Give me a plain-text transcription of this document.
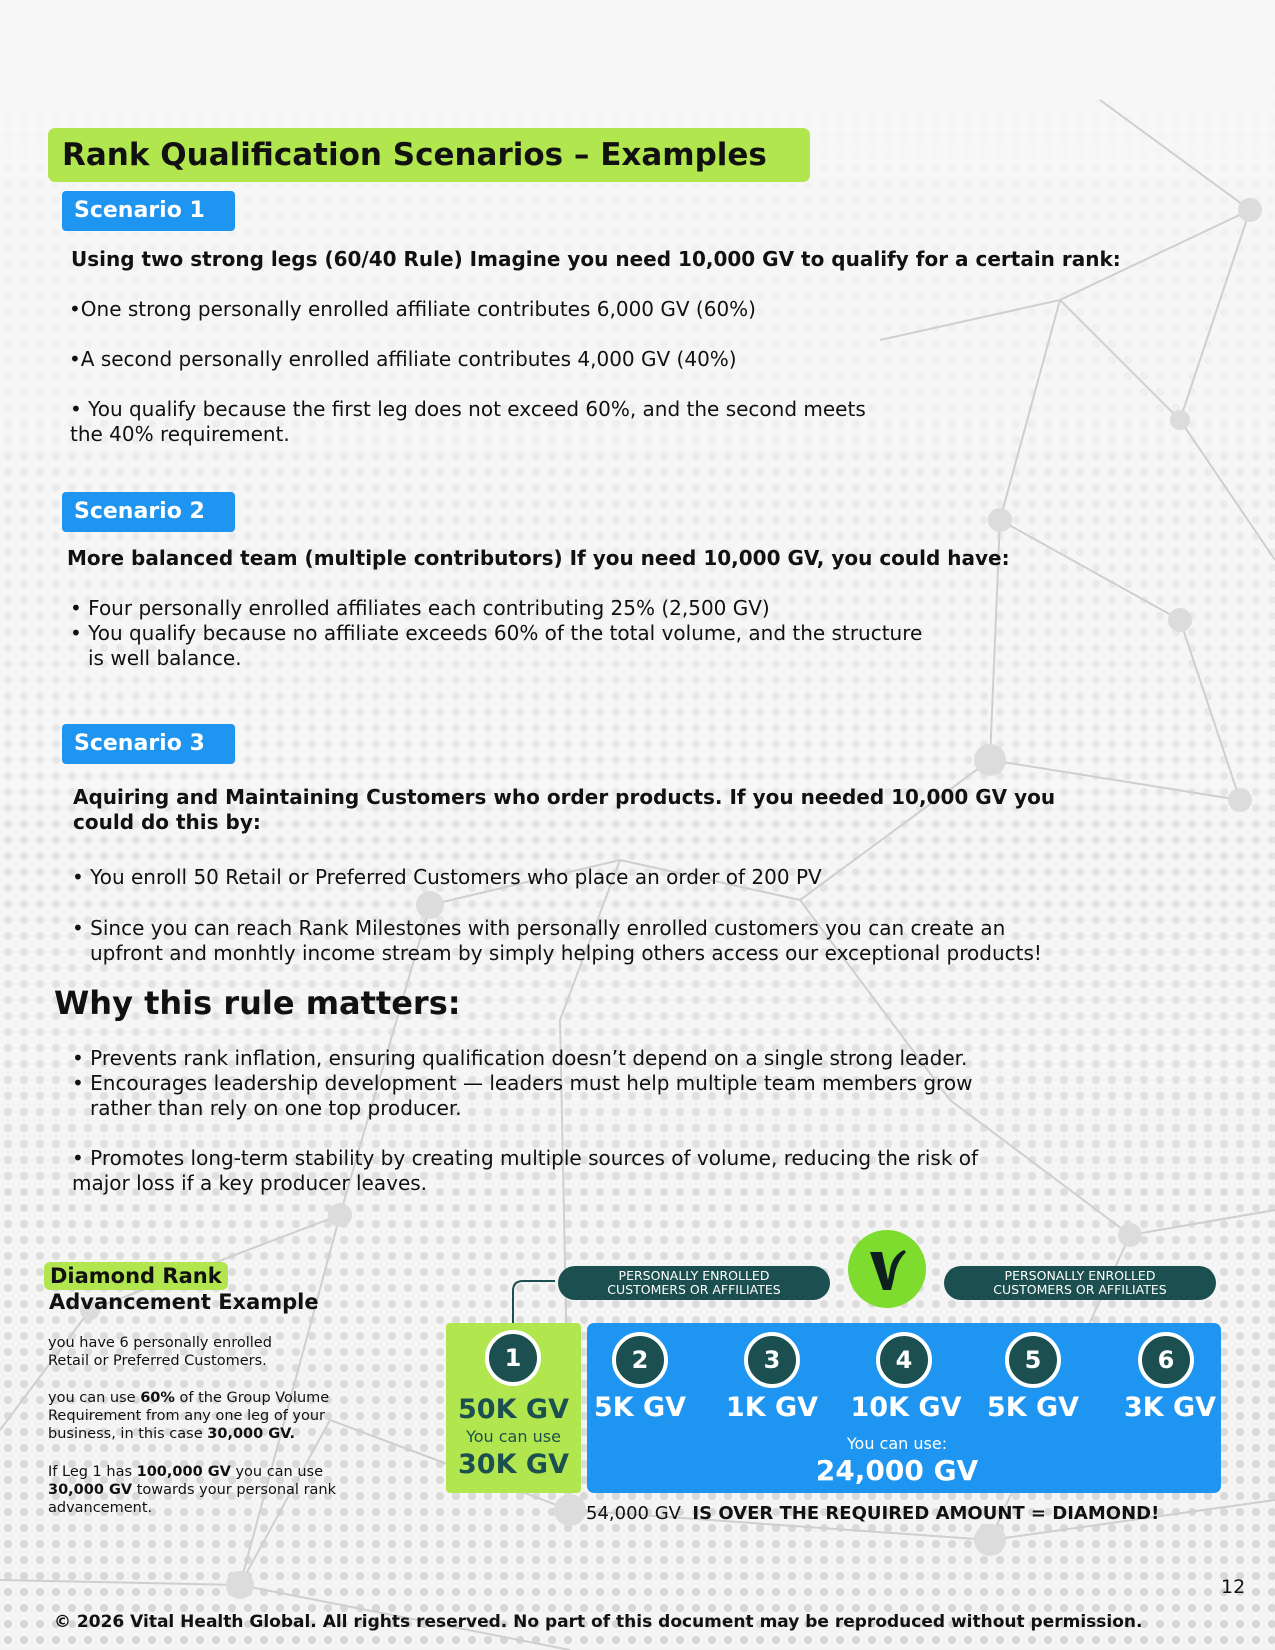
Rank Qualification Scenarios – Examples
Scenario 1
Using two strong legs (60/40 Rule) Imagine you need 10,000 GV to qualify for a certain rank:
•One strong personally enrolled affiliate contributes 6,000 GV (60%)
•A second personally enrolled affiliate contributes 4,000 GV (40%)
• You qualify because the first leg does not exceed 60%, and the second meets
the 40% requirement.
Scenario 2
More balanced team (multiple contributors) If you need 10,000 GV, you could have:
• Four personally enrolled affiliates each contributing 25% (2,500 GV)
• You qualify because no affiliate exceeds 60% of the total volume, and the structure
is well balance.
Scenario 3
Aquiring and Maintaining Customers who order products. If you needed 10,000 GV you
could do this by:
• You enroll 50 Retail or Preferred Customers who place an order of 200 PV
• Since you can reach Rank Milestones with personally enrolled customers you can create an
upfront and monhtly income stream by simply helping others access our exceptional products!
Why this rule matters:
• Prevents rank inflation, ensuring qualification doesn’t depend on a single strong leader.
• Encourages leadership development — leaders must help multiple team members grow
rather than rely on one top producer.
• Promotes long-term stability by creating multiple sources of volume, reducing the risk of
major loss if a key producer leaves.
Diamond Rank
Advancement Example
you have 6 personally enrolled
Retail or Preferred Customers.
you can use 60% of the Group Volume
Requirement from any one leg of your
business, in this case 30,000 GV.
If Leg 1 has 100,000 GV you can use
30,000 GV towards your personal rank
advancement.
PERSONALLY ENROLLED
CUSTOMERS OR AFFILIATES
PERSONALLY ENROLLED
CUSTOMERS OR AFFILIATES
1	2	3	4	5	6
50K GV
You can use
30K GV
5K GV	1K GV	10K GV 5K GV	3K GV
You can use:
24,000 GV
54,000 GV IS OVER THE REQUIRED AMOUNT = DIAMOND!
12
© 2026 Vital Health Global. All rights reserved. No part of this document may be reproduced without permission.
